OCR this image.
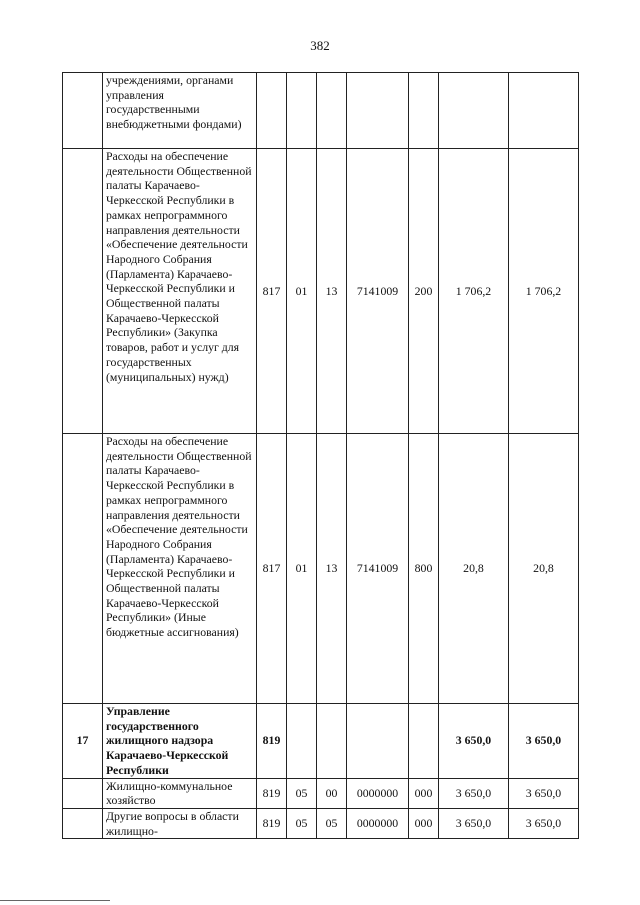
382
	учреждениями, органами управления государственными внебюджетными фондами)							
	Расходы на обеспечение деятельности Общественной палаты Карачаево-Черкесской Республики в рамках непрограммного направления деятельности «Обеспечение деятельности Народного Собрания (Парламента) Карачаево-Черкесской Республики и Общественной палаты Карачаево-Черкесской Республики» (Закупка товаров, работ и услуг для государственных (муниципальных) нужд)	817	01	13	7141009	200	1 706,2	1 706,2
	Расходы на обеспечение деятельности Общественной палаты Карачаево-Черкесской Республики в рамках непрограммного направления деятельности «Обеспечение деятельности Народного Собрания (Парламента) Карачаево-Черкесской Республики и Общественной палаты Карачаево-Черкесской Республики» (Иные бюджетные ассигнования)	817	01	13	7141009	800	20,8	20,8
17	Управление государственного жилищного надзора Карачаево-Черкесской Республики	819					3 650,0	3 650,0
	Жилищно-коммунальное хозяйство	819	05	00	0000000	000	3 650,0	3 650,0
	Другие вопросы в области жилищно-	819	05	05	0000000	000	3 650,0	3 650,0
